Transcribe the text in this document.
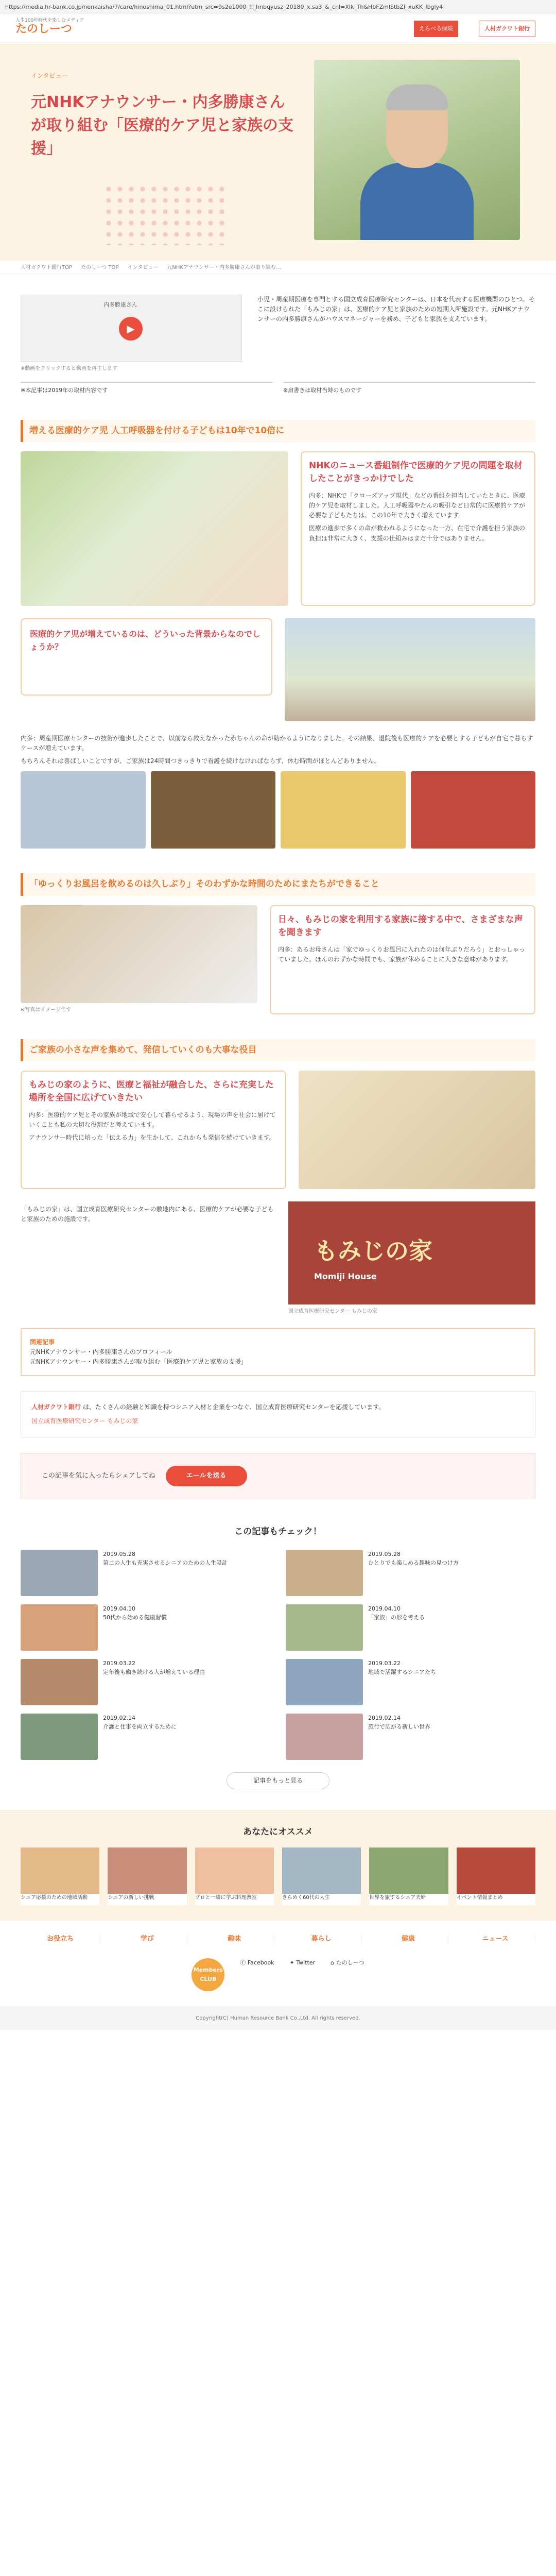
https://media.hr-bank.co.jp/nenkaisha/7/care/hinoshima_01.html?utm_src=9s2e1000_ff_hnbqyusz_20180_x.sa3_&_cnl=Xlk_Th&HbFZmlStbZf_xuKK_lbgly4
人生100年時代を楽しむメディア
たのしーつ	えらべる保険	人材ガクワト銀行
インタビュー
元NHKアナウンサー・内多勝康さんが取り組む「医療的ケア児と家族の支援」
人材ガクワト銀行TOP たのしーつ TOP インタビュー 元NHKアナウンサー・内多勝康さんが取り組む…
内多勝康さん
▶
※動画をクリックすると動画を再生します

小児・周産期医療を専門とする国立成育医療研究センターは、日本を代表する医療機関のひとつ。そこに設けられた「もみじの家」は、医療的ケア児と家族のための短期入所施設です。元NHKアナウンサーの内多勝康さんがハウスマネージャーを務め、子どもと家族を支えています。

※本記事は2019年の取材内容です	※肩書きは取材当時のものです
増える医療的ケア児 人工呼吸器を付ける子どもは10年で10倍に
NHKのニュース番組制作で医療的ケア児の問題を取材したことがきっかけでした
内多：NHKで「クローズアップ現代」などの番組を担当していたときに、医療的ケア児を取材しました。人工呼吸器やたんの吸引など日常的に医療的ケアが必要な子どもたちは、この10年で大きく増えています。
医療の進歩で多くの命が救われるようになった一方、在宅で介護を担う家族の負担は非常に大きく、支援の仕組みはまだ十分ではありません。
医療的ケア児が増えているのは、どういった背景からなのでしょうか？
内多：周産期医療センターの技術が進歩したことで、以前なら救えなかった赤ちゃんの命が助かるようになりました。その結果、退院後も医療的ケアを必要とする子どもが自宅で暮らすケースが増えています。
もちろんそれは喜ばしいことですが、ご家族は24時間つきっきりで看護を続けなければならず、休む時間がほとんどありません。
「ゆっくりお風呂を飲めるのは久しぶり」そのわずかな時間のためにまたちができること
※写真はイメージです
日々、もみじの家を利用する家族に接する中で、さまざまな声を聞きます
内多：あるお母さんは「家でゆっくりお風呂に入れたのは何年ぶりだろう」とおっしゃっていました。ほんのわずかな時間でも、家族が休めることに大きな意味があります。
ご家族の小さな声を集めて、発信していくのも大事な役目
もみじの家のように、医療と福祉が融合した、さらに充実した場所を全国に広げていきたい
内多：医療的ケア児とその家族が地域で安心して暮らせるよう、現場の声を社会に届けていくことも私の大切な役割だと考えています。
アナウンサー時代に培った「伝える力」を生かして、これからも発信を続けていきます。
「もみじの家」は、国立成育医療研究センターの敷地内にある、医療的ケアが必要な子どもと家族のための施設です。
もみじの家
Momiji House
国立成育医療研究センター もみじの家
関連記事
元NHKアナウンサー・内多勝康さんのプロフィール
元NHKアナウンサー・内多勝康さんが取り組む「医療的ケア児と家族の支援」
人材ガクワト銀行 は、たくさんの経験と知識を持つシニア人材と企業をつなぐ、国立成育医療研究センターを応援しています。
国立成育医療研究センター もみじの家
この記事を気に入ったらシェアしてね	エールを送る
この記事もチェック！
2019.05.28
第二の人生も充実させるシニアのための人生設計
2019.05.28
ひとりでも楽しめる趣味の見つけ方
2019.04.10
50代から始める健康習慣
2019.04.10
「家族」の形を考える
2019.03.22
定年後も働き続ける人が増えている理由
2019.03.22
地域で活躍するシニアたち
2019.02.14
介護と仕事を両立するために
2019.02.14
旅行で広がる新しい世界
記事をもっと見る
あなたにオススメ
シニア応援のための地域活動	シニアの新しい挑戦	プロと一緒に学ぶ料理教室	きらめく60代の人生	世界を旅するシニア夫婦	イベント情報まとめ
お役立ち	学び	趣味	暮らし	健康	ニュース
Members CLUB
ⓕ Facebook	✦ Twitter	⌂ たのしーつ
Copyright(C) Human Resource Bank Co.,Ltd. All rights reserved.
